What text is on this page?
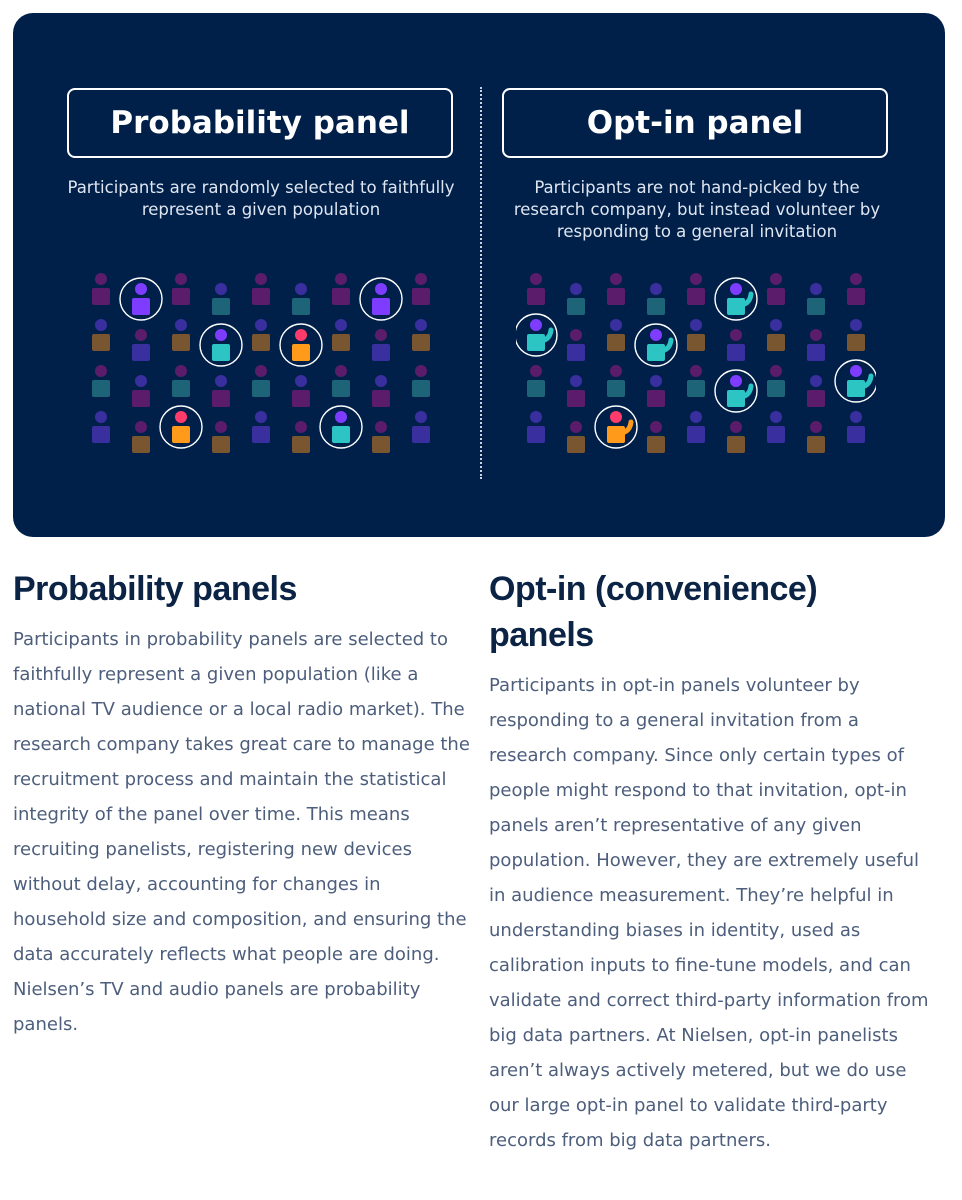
Probability panel
Participants are randomly selected to faithfully represent a given population
Opt-in panel
Participants are not hand-picked by the research company, but instead volunteer by responding to a general invitation
Probability panels

Participants in probability panels are selected to faithfully represent a given population (like a national TV audience or a local radio market). The research company takes great care to manage the recruitment process and maintain the statistical integrity of the panel over time. This means recruiting panelists, registering new devices without delay, accounting for changes in household size and composition, and ensuring the data accurately reflects what people are doing. Nielsen’s TV and audio panels are probability panels.

Opt-in (convenience) panels

Participants in opt-in panels volunteer by responding to a general invitation from a research company. Since only certain types of people might respond to that invitation, opt-in panels aren’t representative of any given population. However, they are extremely useful in audience measurement. They’re helpful in understanding biases in identity, used as calibration inputs to fine-tune models, and can validate and correct third-party information from big data partners. At Nielsen, opt-in panelists aren’t always actively metered, but we do use our large opt-in panel to validate third-party records from big data partners.
